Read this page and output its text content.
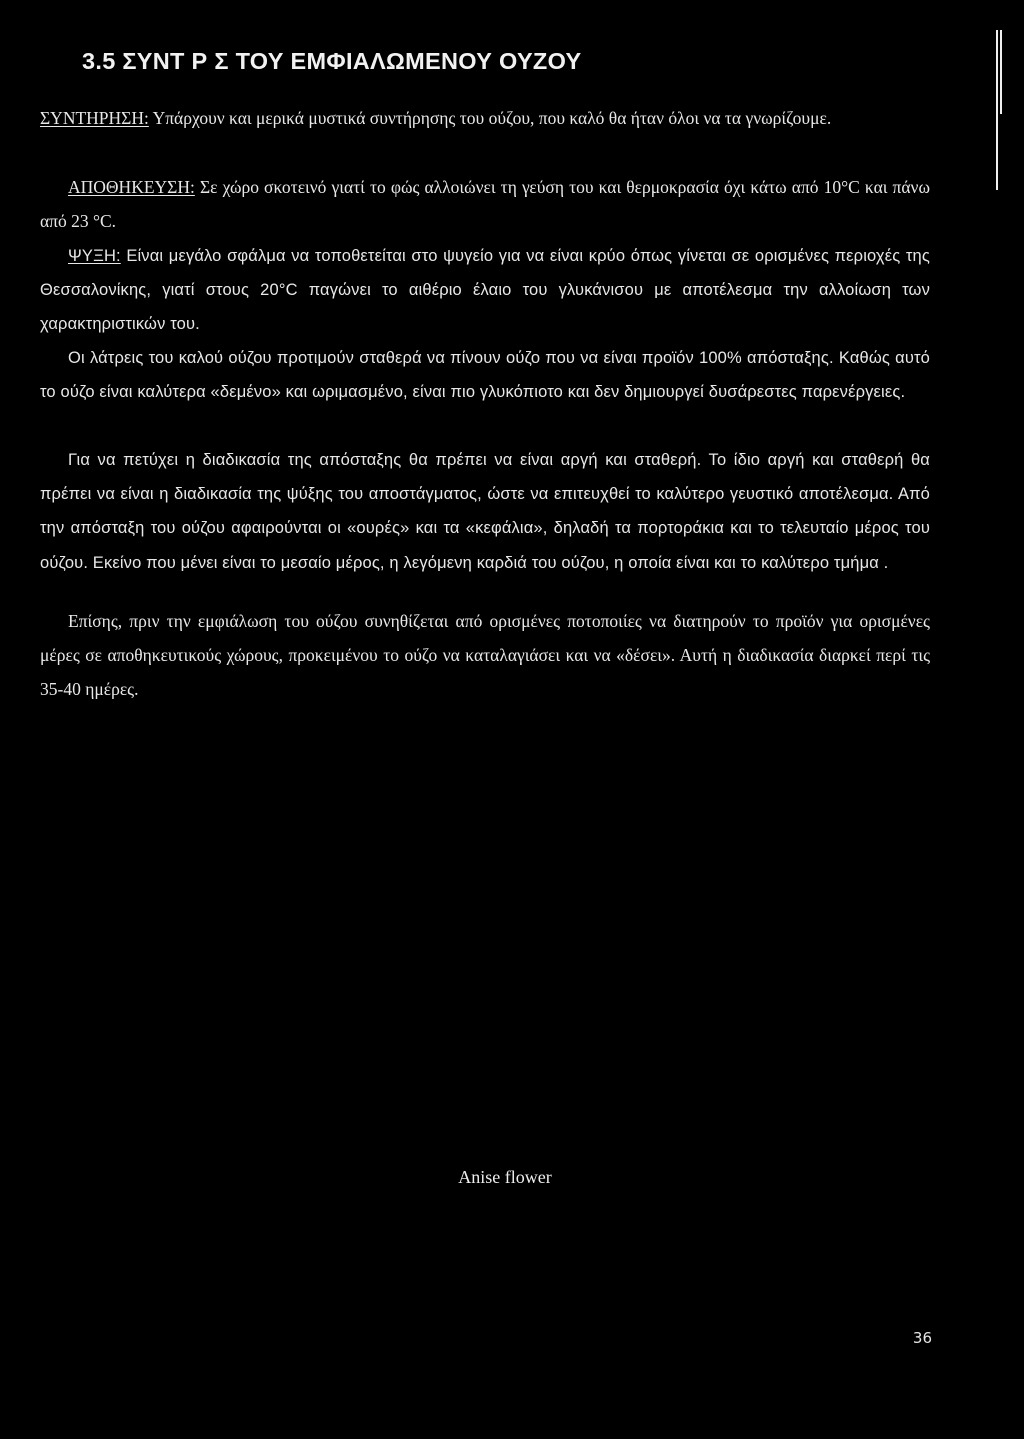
3.5 ΣΥΝΤ Ρ Σ ΤΟΥ ΕΜΦΙΑΛΩΜΕΝΟΥ ΟΥΖΟΥ

ΣΥΝΤΗΡΗΣΗ: Υπάρχουν και μερικά μυστικά συντήρησης του ούζου, που καλό θα ήταν όλοι να τα γνωρίζουμε.

ΑΠΟΘΗΚΕΥΣΗ: Σε χώρο σκοτεινό γιατί το φώς αλλοιώνει τη γεύση του και θερμοκρασία όχι κάτω από 10°C και πάνω από 23 °C.

ΨΥΞΗ: Είναι μεγάλο σφάλμα να τοποθετείται στο ψυγείο για να είναι κρύο όπως γίνεται σε ορισμένες περιοχές της Θεσσαλονίκης, γιατί στους 20°C παγώνει το αιθέριο έλαιο του γλυκάνισου με αποτέλεσμα την αλλοίωση των χαρακτηριστικών του.

Οι λάτρεις του καλού ούζου προτιμούν σταθερά να πίνουν ούζο που να είναι προϊόν 100% απόσταξης. Καθώς αυτό το ούζο είναι καλύτερα «δεμένο» και ωριμασμένο, είναι πιο γλυκόπιοτο και δεν δημιουργεί δυσάρεστες παρενέργειες.

Για να πετύχει η διαδικασία της απόσταξης θα πρέπει να είναι αργή και σταθερή. Το ίδιο αργή και σταθερή θα πρέπει να είναι η διαδικασία της ψύξης του αποστάγματος, ώστε να επιτευχθεί το καλύτερο γευστικό αποτέλεσμα. Από την απόσταξη του ούζου αφαιρούνται οι «ουρές» και τα «κεφάλια», δηλαδή τα πορτοράκια και το τελευταίο μέρος του ούζου. Εκείνο που μένει είναι το μεσαίο μέρος, η λεγόμενη καρδιά του ούζου, η οποία είναι και το καλύτερο τμήμα .

Επίσης, πριν την εμφιάλωση του ούζου συνηθίζεται από ορισμένες ποτοποιίες να διατηρούν το προϊόν για ορισμένες μέρες σε αποθηκευτικούς χώρους, προκειμένου το ούζο να καταλαγιάσει και να «δέσει». Αυτή η διαδικασία διαρκεί περί τις 35-40 ημέρες.

Anise flower

36
